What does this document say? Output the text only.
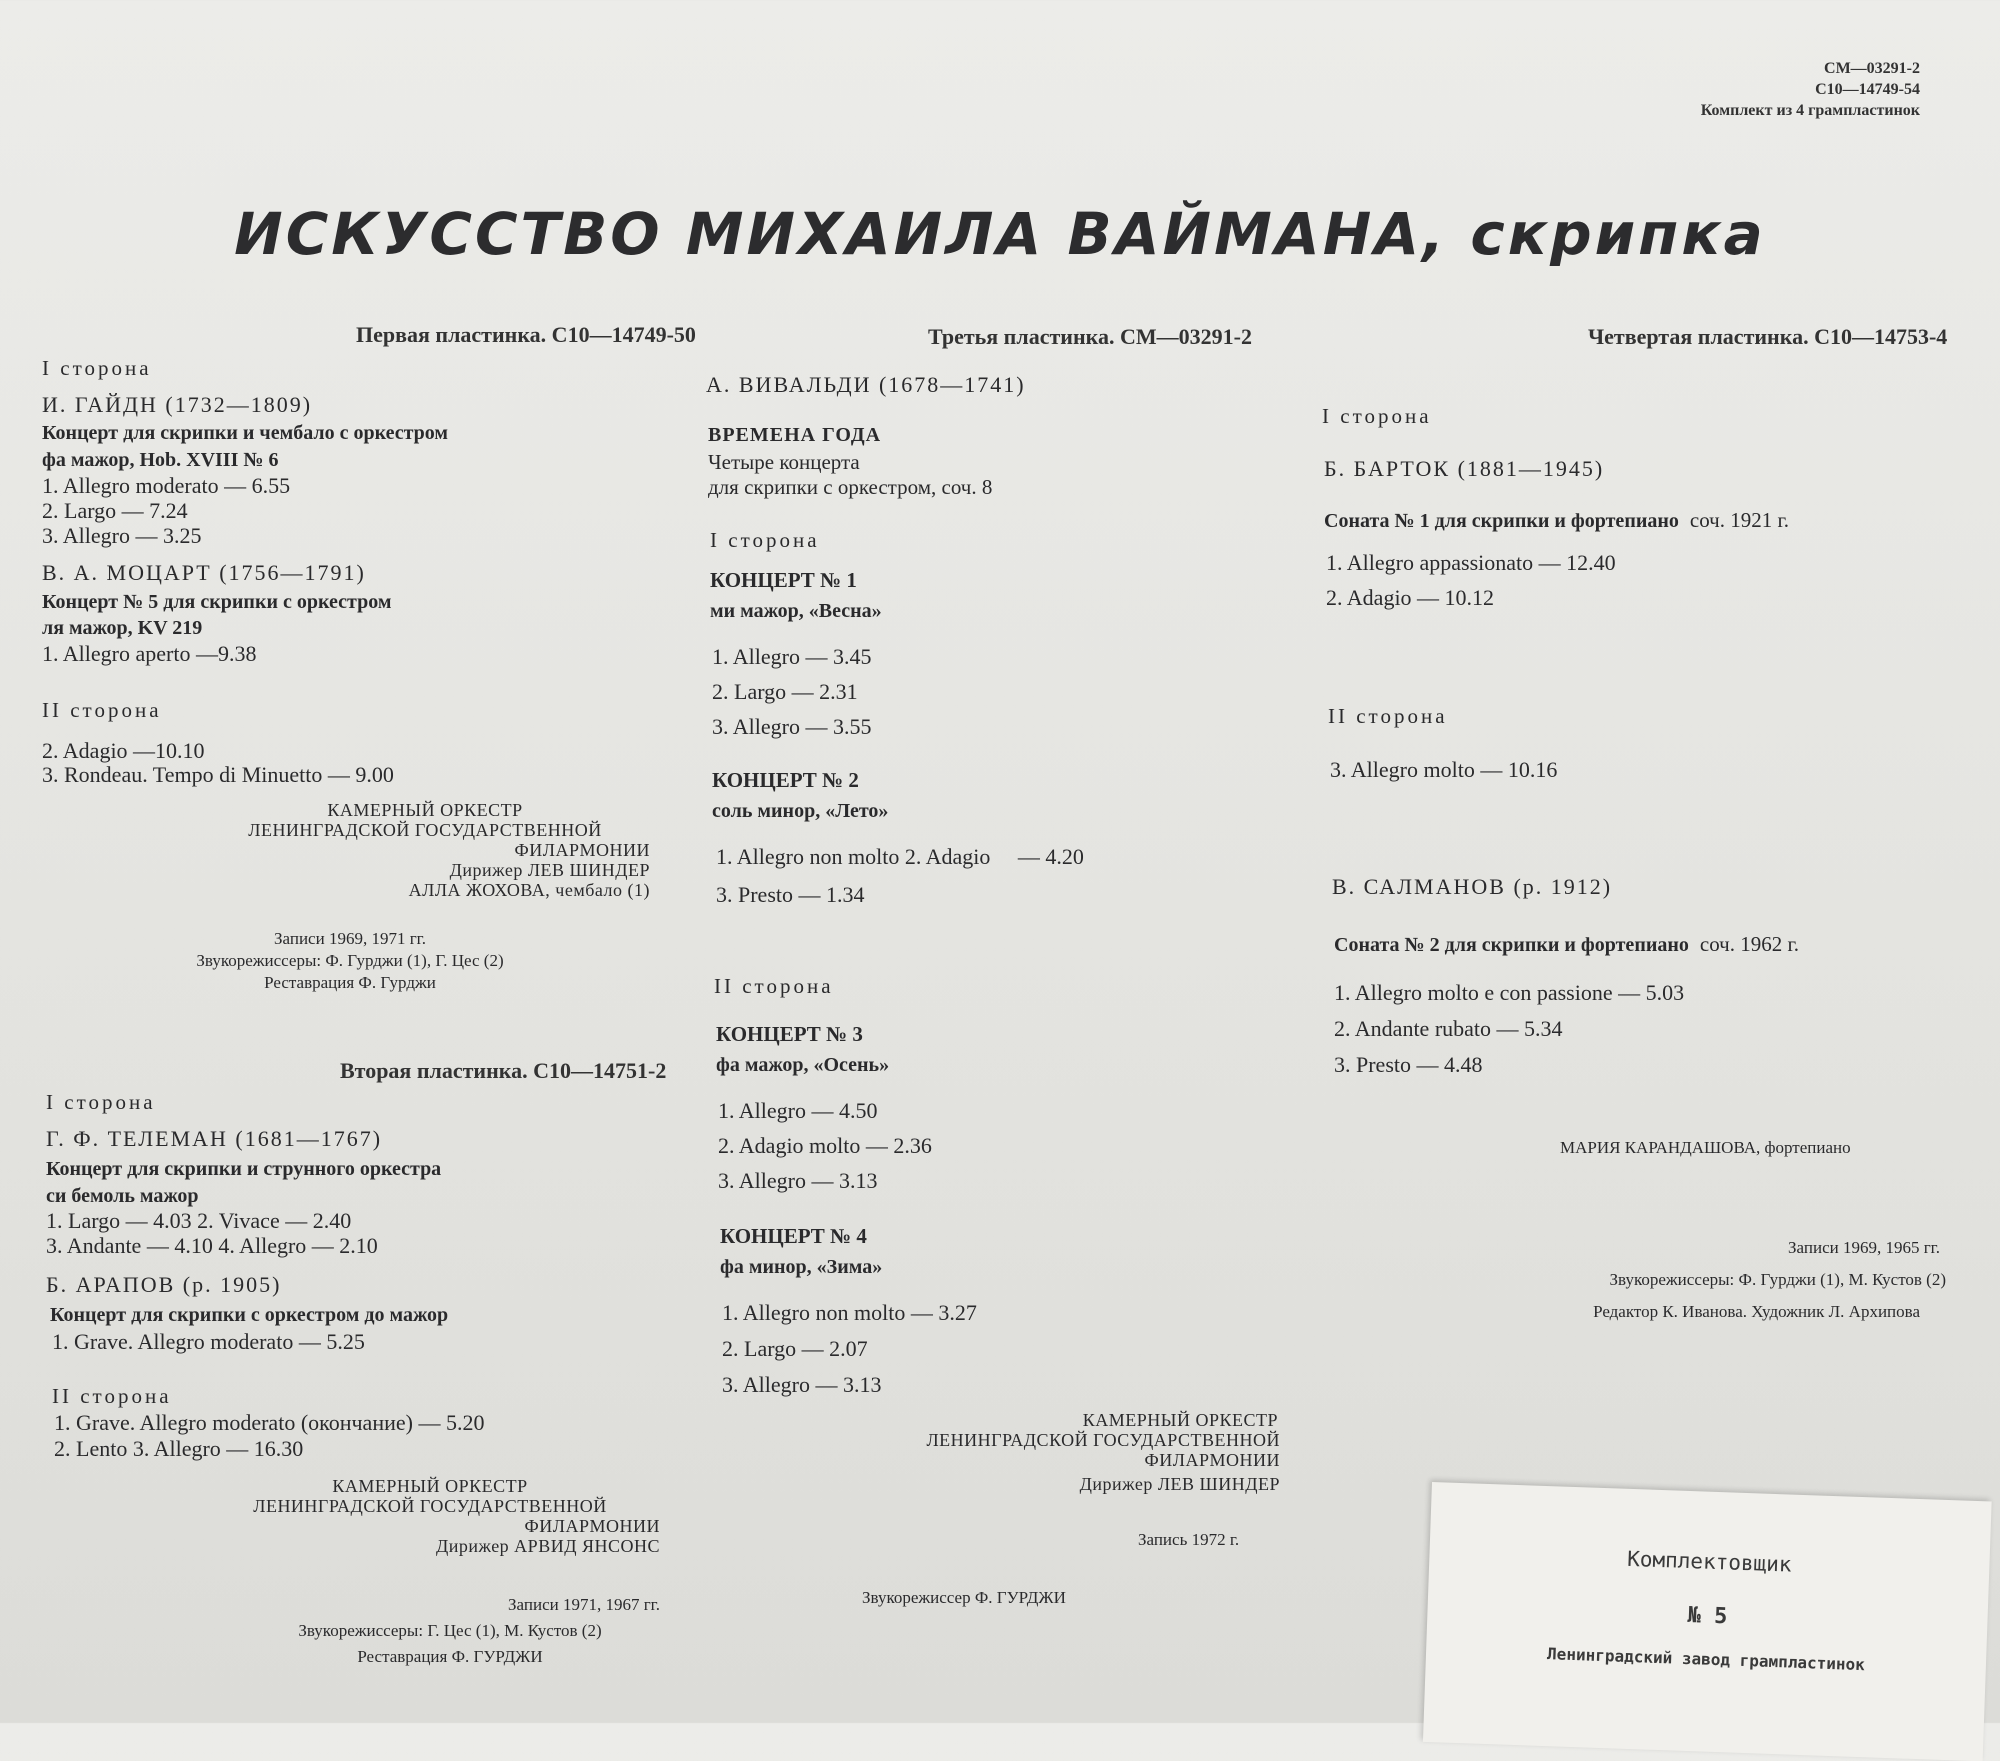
СМ—03291-2
С10—14749-54
Комплект из 4 грампластинок
ИСКУССТВО МИХАИЛА ВАЙМАНА, скрипка
Первая пластинка. С10—14749-50
I сторона
И. ГАЙДН (1732—1809)
Концерт для скрипки и чембало с оркестром
фа мажор, Hob. XVIII № 6
1. Allegro moderato — 6.55
2. Largo — 7.24
3. Allegro — 3.25
В. А. МОЦАРТ (1756—1791)
Концерт № 5 для скрипки с оркестром
ля мажор, KV 219
1. Allegro aperto —9.38
II сторона
2. Adagio —10.10
3. Rondeau. Tempo di Minuetto — 9.00
КАМЕРНЫЙ ОРКЕСТР
ЛЕНИНГРАДСКОЙ ГОСУДАРСТВЕННОЙ
ФИЛАРМОНИИ
Дирижер ЛЕВ ШИНДЕР
АЛЛА ЖОХОВА, чембало (1)
Записи 1969, 1971 гг.
Звукорежиссеры: Ф. Гурджи (1), Г. Цес (2)
Реставрация Ф. Гурджи
Вторая пластинка. С10—14751-2
I сторона
Г. Ф. ТЕЛЕМАН (1681—1767)
Концерт для скрипки и струнного оркестра
си бемоль мажор
1. Largo — 4.03 2. Vivace — 2.40
3. Andante — 4.10 4. Allegro — 2.10
Б. АРАПОВ (р. 1905)
Концерт для скрипки с оркестром до мажор
1. Grave. Allegro moderato — 5.25
II сторона
1. Grave. Allegro moderato (окончание) — 5.20
2. Lento 3. Allegro — 16.30
КАМЕРНЫЙ ОРКЕСТР
ЛЕНИНГРАДСКОЙ ГОСУДАРСТВЕННОЙ
ФИЛАРМОНИИ
Дирижер АРВИД ЯНСОНС
Записи 1971, 1967 гг.
Звукорежиссеры: Г. Цес (1), М. Кустов (2)
Реставрация Ф. ГУРДЖИ
Третья пластинка. СМ—03291-2
А. ВИВАЛЬДИ (1678—1741)
ВРЕМЕНА ГОДА
Четыре концерта
для скрипки с оркестром, соч. 8
I сторона
КОНЦЕРТ № 1
ми мажор, «Весна»
1. Allegro — 3.45
2. Largo — 2.31
3. Allegro — 3.55
КОНЦЕРТ № 2
соль минор, «Лето»
1. Allegro non molto 2. Adagio     — 4.20
3. Presto — 1.34
II сторона
КОНЦЕРТ № 3
фа мажор, «Осень»
1. Allegro — 4.50
2. Adagio molto — 2.36
3. Allegro — 3.13
КОНЦЕРТ № 4
фа минор, «Зима»
1. Allegro non molto — 3.27
2. Largo — 2.07
3. Allegro — 3.13
КАМЕРНЫЙ ОРКЕСТР
ЛЕНИНГРАДСКОЙ ГОСУДАРСТВЕННОЙ
ФИЛАРМОНИИ
Дирижер ЛЕВ ШИНДЕР
Запись 1972 г.
Звукорежиссер Ф. ГУРДЖИ
Четвертая пластинка. С10—14753-4
I сторона
Б. БАРТОК (1881—1945)
Соната № 1 для скрипки и фортепиано соч. 1921 г.
1. Allegro appassionato — 12.40
2. Adagio — 10.12
II сторона
3. Allegro molto — 10.16
В. САЛМАНОВ (р. 1912)
Соната № 2 для скрипки и фортепиано соч. 1962 г.
1. Allegro molto e con passione — 5.03
2. Andante rubato — 5.34
3. Presto — 4.48
МАРИЯ КАРАНДАШОВА, фортепиано
Записи 1969, 1965 гг.
Звукорежиссеры: Ф. Гурджи (1), М. Кустов (2)
Редактор К. Иванова. Художник Л. Архипова
Комплектовщик
№ 5
Ленинградский завод грампластинок
